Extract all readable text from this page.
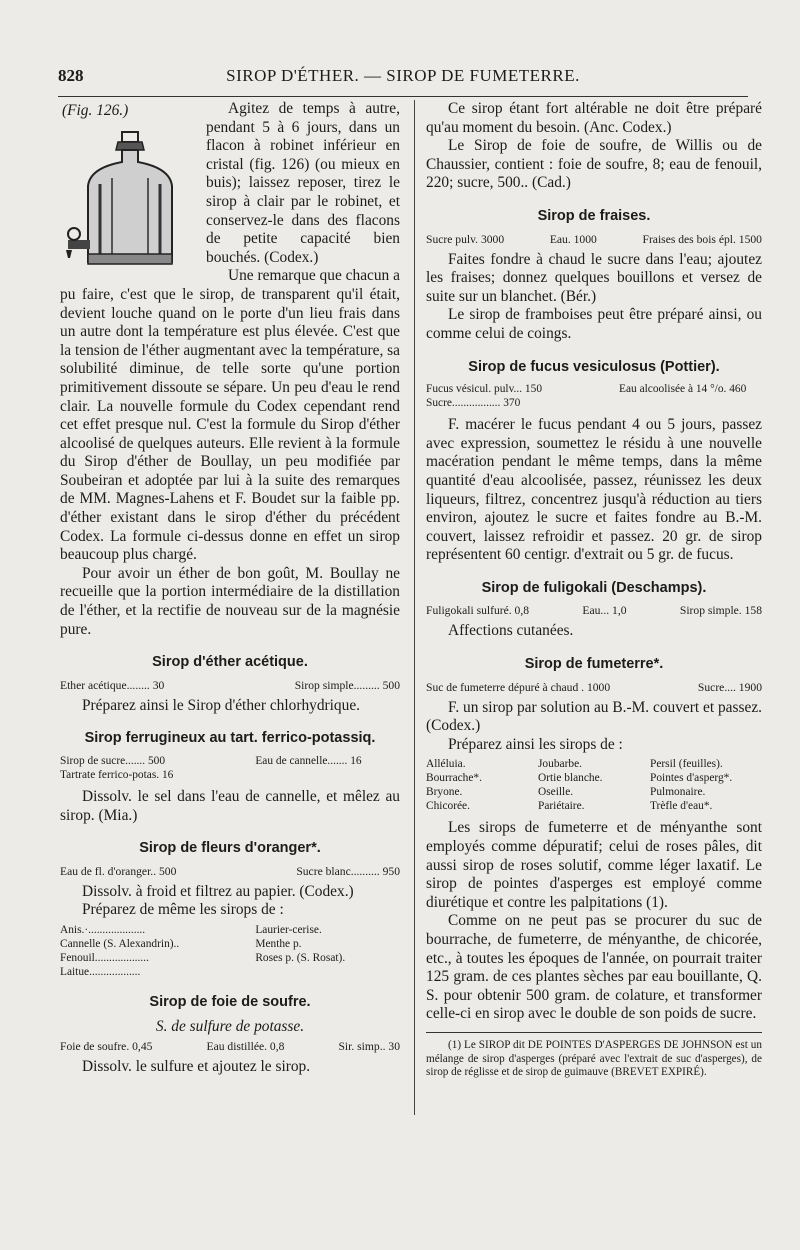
828	SIROP D'ÉTHER. — SIROP DE FUMETERRE.
(Fig. 126.)	Agitez de temps à autre, pendant 5 à 6 jours, dans un flacon à robinet inférieur en cristal (fig. 126) (ou mieux en buis); laissez reposer, tirez le sirop à clair par le robinet, et conservez-le dans des flacons de petite capacité bien bouchés. (Codex.)

Une remarque que chacun a pu faire, c'est que le sirop, de transparent qu'il était, devient louche quand on le porte d'un lieu frais dans un autre dont la température est plus élevée. C'est que la tension de l'éther augmentant avec la température, sa solubilité diminue, de telle sorte qu'une portion primitivement dissoute se sépare. Un peu d'eau le rend clair. La nouvelle formule du Codex cependant rend cet effet presque nul. C'est la formule du Sirop d'éther alcoolisé de quelques auteurs. Elle revient à la formule du Sirop d'éther de Boullay, un peu modifiée par Soubeiran et adoptée par lui à la suite des remarques de MM. Magnes-Lahens et F. Boudet sur la faible pp. d'éther existant dans le sirop d'éther du précédent Codex. La formule ci-dessus donne en effet un sirop beaucoup plus chargé.

Pour avoir un éther de bon goût, M. Boullay ne recueille que la portion intermédiaire de la distillation de l'éther, et la rectifie de nouveau sur de la magnésie pure.

Sirop d'éther acétique.
Ether acétique........ 30	Sirop simple......... 500

Préparez ainsi le Sirop d'éther chlorhydrique.

Sirop ferrugineux au tart. ferrico-potassiq.
Sirop de sucre....... 500	Eau de cannelle....... 16
Tartrate ferrico-potas. 16

Dissolv. le sel dans l'eau de cannelle, et mêlez au sirop. (Mia.)

Sirop de fleurs d'oranger*.
Eau de fl. d'oranger.. 500	Sucre blanc.......... 950

Dissolv. à froid et filtrez au papier. (Codex.)

Préparez de même les sirops de :

Anis.·....................	Laurier-cerise.
Cannelle (S. Alexandrin)..	Menthe p.
Fenouil...................	Roses p. (S. Rosat).
Laitue..................
Sirop de foie de soufre.
S. de sulfure de potasse.
Foie de soufre. 0,45	Eau distillée. 0,8	Sir. simp.. 30

Dissolv. le sulfure et ajoutez le sirop.

Ce sirop étant fort altérable ne doit être préparé qu'au moment du besoin. (Anc. Codex.)

Le Sirop de foie de soufre, de Willis ou de Chaussier, contient : foie de soufre, 8; eau de fenouil, 220; sucre, 500.. (Cad.)

Sirop de fraises.
Sucre pulv. 3000	Eau. 1000	Fraises des bois épl. 1500

Faites fondre à chaud le sucre dans l'eau; ajoutez les fraises; donnez quelques bouillons et versez de suite sur un blanchet. (Bér.)

Le sirop de framboises peut être préparé ainsi, ou comme celui de coings.

Sirop de fucus vesiculosus (Pottier).
Fucus vésicul. pulv... 150	Eau alcoolisée à 14 °/o. 460
Sucre................. 370

F. macérer le fucus pendant 4 ou 5 jours, passez avec expression, soumettez le résidu à une nouvelle macération pendant le même temps, dans la même quantité d'eau alcoolisée, passez, réunissez les deux liqueurs, filtrez, concentrez jusqu'à réduction au tiers environ, ajoutez le sucre et faites fondre au B.-M. couvert, laissez refroidir et passez. 20 gr. de sirop représentent 60 centigr. d'extrait ou 5 gr. de fucus.

Sirop de fuligokali (Deschamps).
Fuligokali sulfuré. 0,8	Eau... 1,0	Sirop simple. 158

Affections cutanées.

Sirop de fumeterre*.
Suc de fumeterre dépuré à chaud . 1000	Sucre.... 1900

F. un sirop par solution au B.-M. couvert et passez. (Codex.)

Préparez ainsi les sirops de :

Alléluia.	Joubarbe.	Persil (feuilles).
Bourrache*.	Ortie blanche.	Pointes d'asperg*.
Bryone.	Oseille.	Pulmonaire.
Chicorée.	Pariétaire.	Trèfle d'eau*.

Les sirops de fumeterre et de ményanthe sont employés comme dépuratif; celui de roses pâles, dit aussi sirop de roses solutif, comme léger laxatif. Le sirop de pointes d'asperges est employé comme diurétique et contre les palpitations (1).

Comme on ne peut pas se procurer du suc de bourrache, de fumeterre, de ményanthe, de chicorée, etc., à toutes les époques de l'année, on pourrait traiter 125 gram. de ces plantes sèches par eau bouillante, Q. S. pour obtenir 500 gram. de colature, et transformer celle-ci en sirop avec le double de son poids de sucre.

(1) Le SIROP dit DE POINTES D'ASPERGES DE JOHNSON est un mélange de sirop d'asperges (préparé avec l'extrait de suc d'asperges), de sirop de réglisse et de sirop de guimauve (BREVET EXPIRÉ).
